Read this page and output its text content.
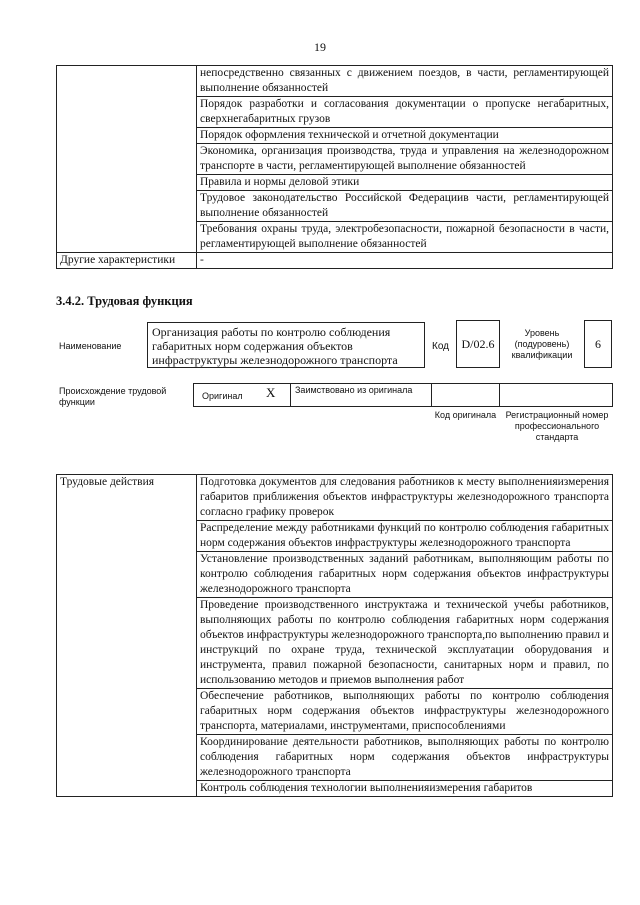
19
	непосредственно связанных с движением поездов, в части, регламентирующей выполнение обязанностей
	Порядок разработки и согласования документации о пропуске негабаритных, сверхнегабаритных грузов
	Порядок оформления технической и отчетной документации
	Экономика, организация производства, труда и управления на железнодорожном транспорте в части, регламентирующей выполнение обязанностей
	Правила и нормы деловой этики
	Трудовое законодательство Российской Федерациив части, регламентирующей выполнение обязанностей
	Требования охраны труда, электробезопасности, пожарной безопасности в части, регламентирующей выполнение обязанностей
Другие характеристики	-
3.4.2. Трудовая функция
Наименование
Организация работы по контролю соблюдения габаритных норм содержания объектов инфраструктуры железнодорожного транспорта
Код	D/02.6
Уровень (подуровень) квалификации
6
Происхождение трудовой функции
Оригинал X Заимствовано из оригинала
Код оригинала	Регистрационный номер профессионального стандарта
Трудовые действия	Подготовка документов для следования работников к месту выполненияизмерения габаритов приближения объектов инфраструктуры железнодорожного транспорта согласно графику проверок
Распределение между работниками функций по контролю соблюдения габаритных норм содержания объектов инфраструктуры железнодорожного транспорта
Установление производственных заданий работникам, выполняющим работы по контролю соблюдения габаритных норм содержания объектов инфраструктуры железнодорожного транспорта
Проведение производственного инструктажа и технической учебы работников, выполняющих работы по контролю соблюдения габаритных норм содержания объектов инфраструктуры железнодорожного транспорта,по выполнению правил и инструкций по охране труда, технической эксплуатации оборудования и инструмента, правил пожарной безопасности, санитарных норм и правил, по использованию методов и приемов выполнения работ
Обеспечение работников, выполняющих работы по контролю соблюдения габаритных норм содержания объектов инфраструктуры железнодорожного транспорта, материалами, инструментами, приспособлениями
Координирование деятельности работников, выполняющих работы по контролю соблюдения габаритных норм содержания объектов инфраструктуры железнодорожного транспорта
Контроль соблюдения технологии выполненияизмерения габаритов
